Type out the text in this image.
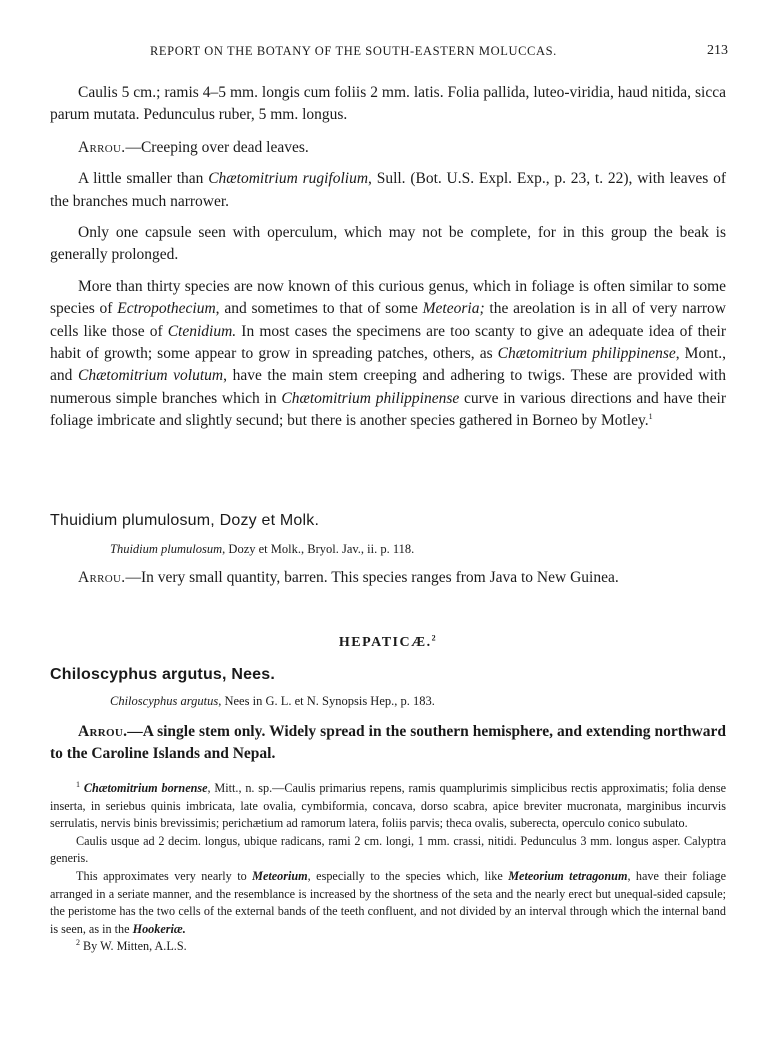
REPORT ON THE BOTANY OF THE SOUTH-EASTERN MOLUCCAS.	213

Caulis 5 cm.; ramis 4–5 mm. longis cum foliis 2 mm. latis. Folia pallida, luteo-viridia, haud nitida, sicca parum mutata. Pedunculus ruber, 5 mm. longus.

Arrou.—Creeping over dead leaves.

A little smaller than Chætomitrium rugifolium, Sull. (Bot. U.S. Expl. Exp., p. 23, t. 22), with leaves of the branches much narrower.

Only one capsule seen with operculum, which may not be complete, for in this group the beak is generally prolonged.

More than thirty species are now known of this curious genus, which in foliage is often similar to some species of Ectropothecium, and sometimes to that of some Meteoria; the areolation is in all of very narrow cells like those of Ctenidium. In most cases the specimens are too scanty to give an adequate idea of their habit of growth; some appear to grow in spreading patches, others, as Chætomitrium philippinense, Mont., and Chætomitrium volutum, have the main stem creeping and adhering to twigs. These are provided with numerous simple branches which in Chætomitrium philippinense curve in various directions and have their foliage imbricate and slightly secund; but there is another species gathered in Borneo by Motley.$^1$

Thuidium plumulosum, Dozy et Molk.

Thuidium plumulosum, Dozy et Molk., Bryol. Jav., ii. p. 118.

Arrou.—In very small quantity, barren. This species ranges from Java to New Guinea.

HEPATICÆ.$^2$

Chiloscyphus argutus, Nees.

Chiloscyphus argutus, Nees in G. L. et N. Synopsis Hep., p. 183.

Arrou.—A single stem only. Widely spread in the southern hemisphere, and extending northward to the Caroline Islands and Nepal.

$^1$ Chætomitrium bornense, Mitt., n. sp.—Caulis primarius repens, ramis quamplurimis simplicibus rectis approximatis; folia dense inserta, in seriebus quinis imbricata, late ovalia, cymbiformia, concava, dorso scabra, apice breviter mucronata, marginibus incurvis serrulatis, nervis binis brevissimis; perichætium ad ramorum latera, foliis parvis; theca ovalis, suberecta, operculo conico subulato.

Caulis usque ad 2 decim. longus, ubique radicans, rami 2 cm. longi, 1 mm. crassi, nitidi. Pedunculus 3 mm. longus asper. Calyptra generis.

This approximates very nearly to Meteorium, especially to the species which, like Meteorium tetragonum, have their foliage arranged in a seriate manner, and the resemblance is increased by the shortness of the seta and the nearly erect but unequal-sided capsule; the peristome has the two cells of the external bands of the teeth confluent, and not divided by an interval through which the internal band is seen, as in the Hookeriæ.

$^2$ By W. Mitten, A.L.S.
